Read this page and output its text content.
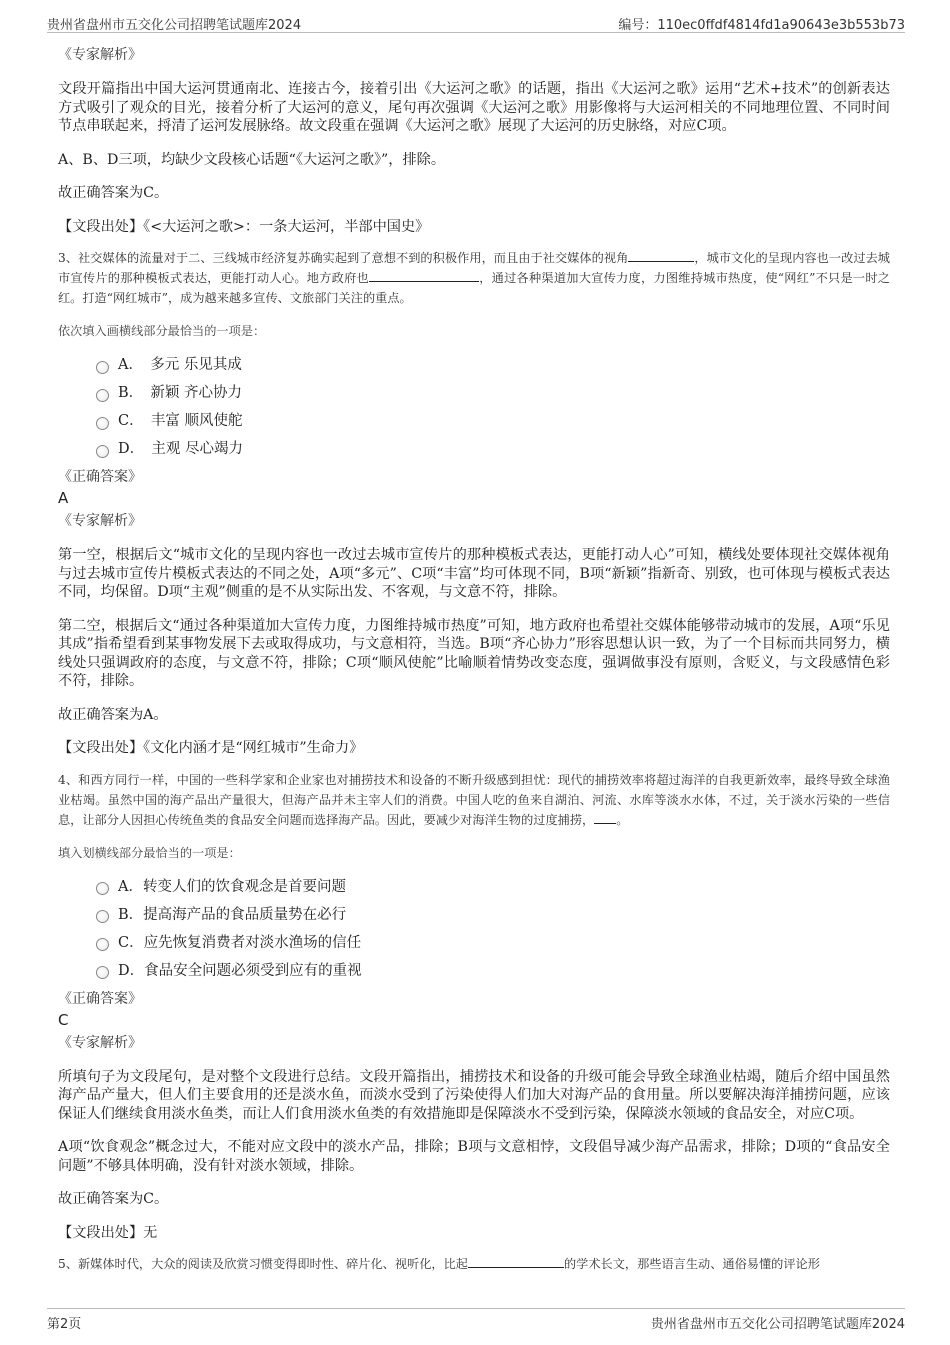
贵州省盘州市五交化公司招聘笔试题库2024	编号：110ec0ffdf4814fd1a90643e3b553b73
《专家解析》

文段开篇指出中国大运河贯通南北、连接古今，接着引出《大运河之歌》的话题，指出《大运河之歌》运用“艺术+技术”的创新表达方式吸引了观众的目光，接着分析了大运河的意义，尾句再次强调《大运河之歌》用影像将与大运河相关的不同地理位置、不同时间节点串联起来，捋清了运河发展脉络。故文段重在强调《大运河之歌》展现了大运河的历史脉络，对应C项。

A、B、D三项，均缺少文段核心话题“《大运河之歌》”，排除。

故正确答案为C。

【文段出处】《<大运河之歌>：一条大运河，半部中国史》

3、社交媒体的流量对于二、三线城市经济复苏确实起到了意想不到的积极作用，而且由于社交媒体的视角	，城市文化的呈现内容也一改过去城市宣传片的那种模板式表达，更能打动人心。地方政府也	，通过各种渠道加大宣传力度，力图维持城市热度，使“网红”不只是一时之红。打造“网红城市”，成为越来越多宣传、文旅部门关注的重点。

依次填入画横线部分最恰当的一项是：
A．　多元 乐见其成
B．　新颖 齐心协力
C．　丰富 顺风使舵
D．　主观 尽心竭力
《正确答案》
A
《专家解析》

第一空，根据后文“城市文化的呈现内容也一改过去城市宣传片的那种模板式表达，更能打动人心”可知，横线处要体现社交媒体视角与过去城市宣传片模板式表达的不同之处，A项“多元”、C项“丰富”均可体现不同，B项“新颖”指新奇、别致，也可体现与模板式表达不同，均保留。D项“主观”侧重的是不从实际出发、不客观，与文意不符，排除。

第二空，根据后文“通过各种渠道加大宣传力度，力图维持城市热度”可知，地方政府也希望社交媒体能够带动城市的发展，A项“乐见其成”指希望看到某事物发展下去或取得成功，与文意相符，当选。B项“齐心协力”形容思想认识一致，为了一个目标而共同努力，横线处只强调政府的态度，与文意不符，排除；C项“顺风使舵”比喻顺着情势改变态度，强调做事没有原则，含贬义，与文段感情色彩不符，排除。

故正确答案为A。

【文段出处】《文化内涵才是“网红城市”生命力》

4、和西方同行一样，中国的一些科学家和企业家也对捕捞技术和设备的不断升级感到担忧：现代的捕捞效率将超过海洋的自我更新效率，最终导致全球渔业枯竭。虽然中国的海产品出产量很大，但海产品并未主宰人们的消费。中国人吃的鱼来自湖泊、河流、水库等淡水水体，不过，关于淡水污染的一些信息，让部分人因担心传统鱼类的食品安全问题而选择海产品。因此，要减少对海洋生物的过度捕捞， 。

填入划横线部分最恰当的一项是：
A．转变人们的饮食观念是首要问题
B．提高海产品的食品质量势在必行
C．应先恢复消费者对淡水渔场的信任
D．食品安全问题必须受到应有的重视
《正确答案》
C
《专家解析》

所填句子为文段尾句，是对整个文段进行总结。文段开篇指出，捕捞技术和设备的升级可能会导致全球渔业枯竭，随后介绍中国虽然海产品产量大，但人们主要食用的还是淡水鱼，而淡水受到了污染使得人们加大对海产品的食用量。所以要解决海洋捕捞问题，应该保证人们继续食用淡水鱼类，而让人们食用淡水鱼类的有效措施即是保障淡水不受到污染，保障淡水领域的食品安全，对应C项。

A项“饮食观念”概念过大，不能对应文段中的淡水产品，排除；B项与文意相悖，文段倡导减少海产品需求，排除；D项的“食品安全问题”不够具体明确，没有针对淡水领域，排除。

故正确答案为C。

【文段出处】无

5、新媒体时代，大众的阅读及欣赏习惯变得即时性、碎片化、视听化，比起	的学术长文，那些语言生动、通俗易懂的评论形

第2页	贵州省盘州市五交化公司招聘笔试题库2024
